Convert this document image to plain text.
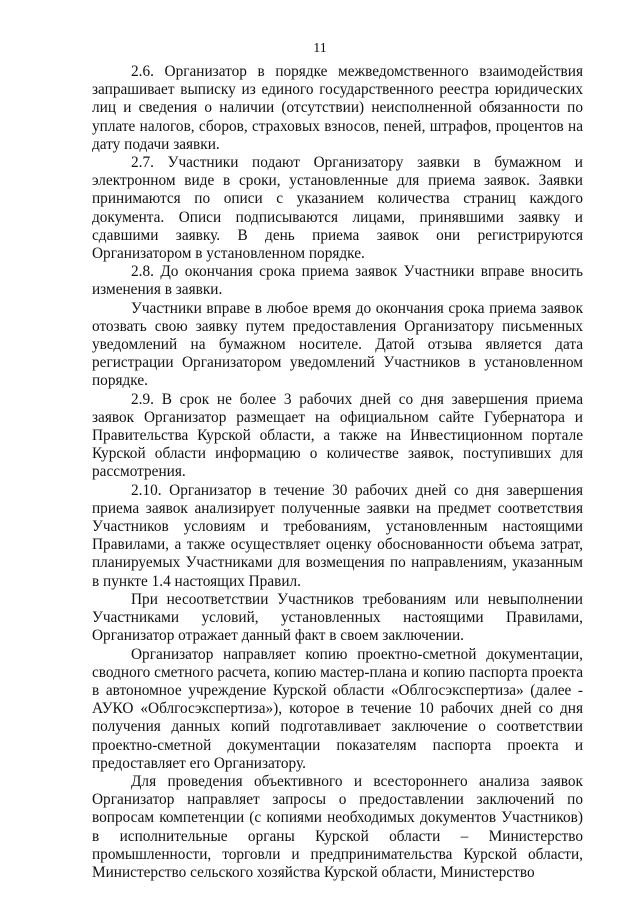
11

2.6. Организатор в порядке межведомственного взаимодействия запрашивает выписку из единого государственного реестра юридических лиц и сведения о наличии (отсутствии) неисполненной обязанности по уплате налогов, сборов, страховых взносов, пеней, штрафов, процентов на дату подачи заявки.

2.7. Участники подают Организатору заявки в бумажном и электронном виде в сроки, установленные для приема заявок. Заявки принимаются по описи с указанием количества страниц каждого документа. Описи подписываются лицами, принявшими заявку и сдавшими заявку. В день приема заявок они регистрируются Организатором в установленном порядке.

2.8. До окончания срока приема заявок Участники вправе вносить изменения в заявки.

Участники вправе в любое время до окончания срока приема заявок отозвать свою заявку путем предоставления Организатору письменных уведомлений на бумажном носителе. Датой отзыва является дата регистрации Организатором уведомлений Участников в установленном порядке.

2.9. В срок не более 3 рабочих дней со дня завершения приема заявок Организатор размещает на официальном сайте Губернатора и Правительства Курской области, а также на Инвестиционном портале Курской области информацию о количестве заявок, поступивших для рассмотрения.

2.10. Организатор в течение 30 рабочих дней со дня завершения приема заявок анализирует полученные заявки на предмет соответствия Участников условиям и требованиям, установленным настоящими Правилами, а также осуществляет оценку обоснованности объема затрат, планируемых Участниками для возмещения по направлениям, указанным в пункте 1.4 настоящих Правил.

При несоответствии Участников требованиям или невыполнении Участниками условий, установленных настоящими Правилами, Организатор отражает данный факт в своем заключении.

Организатор направляет копию проектно-сметной документации, сводного сметного расчета, копию мастер-плана и копию паспорта проекта в автономное учреждение Курской области «Облгосэкспертиза» (далее - АУКО «Облгосэкспертиза»), которое в течение 10 рабочих дней со дня получения данных копий подготавливает заключение о соответствии проектно-сметной документации показателям паспорта проекта и предоставляет его Организатору.

Для проведения объективного и всестороннего анализа заявок Организатор направляет запросы о предоставлении заключений по вопросам компетенции (с копиями необходимых документов Участников) в исполнительные органы Курской области – Министерство промышленности, торговли и предпринимательства Курской области, Министерство сельского хозяйства Курской области, Министерство
